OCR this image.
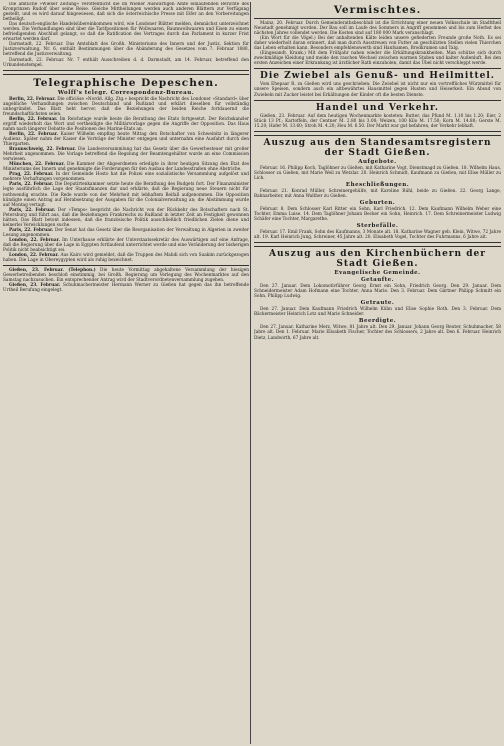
Die amtliche »Wiener Zeitung« veröffentlicht die im Wiener Auswärtigen Amte einlaufenden Berichte des Kronprinzen Rudolf über seine Reise. Gleiche Mittheilungen werden auch anderen Blättern zur Verfügung gestellt, und es wird darauf hingewiesen, daß sich die österreichische Presse mit Eifer an den Vorbereitungen betheiligt.

Das deutsch-englische Handelsübereinkommen wird, wie Londoner Blätter melden, demnächst unterzeichnet werden. Die Verhandlungen sind über die Tarifpositionen für Wollwaaren, Baumwollwaaren und Eisen zu einem befriedigenden Abschluß gelangt, so daß die Ratification des Vertrages durch das Parlament in kurzer Frist erwartet werden darf.

Darmstadt, 22. Februar. Das Amtsblatt des Großh. Ministeriums des Innern und der Justiz, Sektion für Justizverwaltung, Nr. 6, enthält Bestimmungen über die Abänderung des Gesetzes vom 7. Februar 1880, betreffend die Justizverwaltung.

Darmstadt, 22. Februar. Nr. 7 enthält Ausschreiben d. d. Darmstadt, am 14. Februar, betreffend den Urkundenstempel.

Telegraphische Depeschen.
Wolff's telegr. Correspondenz-Bureau.

Berlin, 22. Februar. Die officiöse »Nordd. Allg. Ztg.« bespricht die Nachricht des Londoner »Standard« über angebliche Verhandlungen zwischen Deutschland und Rußland und erklärt dieselben für vollständig unbegründet. Das Blatt hebt hervor, daß die Beziehungen der beiden Reiche fortdauernd die freundschaftlichsten seien.

Berlin, 22. Februar. Im Reichstage wurde heute die Berathung des Etats fortgesetzt. Der Reichskanzler ergriff wiederholt das Wort und vertheidigte die Militärvorlage gegen die Angriffe der Opposition. Das Haus nahm nach längerer Debatte die Positionen des Marine-Etats an.

Berlin, 22. Februar. Kaiser Wilhelm empfing heute Mittag den Botschafter von Schweinitz in längerer Audienz. Später nahm der Kaiser die Vorträge der Minister entgegen und unternahm eine Ausfahrt durch den Thiergarten.

Braunschweig, 22. Februar. Die Landesversammlung hat das Gesetz über die Gewerbesteuer mit großer Mehrheit angenommen. Die Vorlage betreffend die Regelung der Beamtengehälter wurde an eine Commission verwiesen.

München, 22. Februar. Die Kammer der Abgeordneten erledigte in ihrer heutigen Sitzung den Etat des Ministeriums des Innern und genehmigte die Forderungen für den Ausbau der Landesstraßen ohne Abstriche.

Prag, 22. Februar. In der Gemeinde Hosto hat die Polizei eine sozialistische Versammlung aufgelöst und mehrere Verhaftungen vorgenommen.

Paris, 22. Februar. Die Deputirtenkammer setzte heute die Berathung des Budgets fort. Der Finanzminister legte ausführlich die Lage der Staatsfinanzen dar und erklärte, daß die Regierung neue Steuern nicht für nothwendig erachte. Die Rede wurde von der Mehrheit mit lebhaftem Beifall aufgenommen. Die Opposition kündigte einen Antrag auf Herabsetzung der Ausgaben für die Colonialverwaltung an; die Abstimmung wurde auf Montag vertagt.

Paris, 22. Februar. Der »Temps« bespricht die Nachricht von der Rückkehr des Botschafters nach St. Petersburg und führt aus, daß die Beziehungen Frankreichs zu Rußland in letzter Zeit an Festigkeit gewonnen hätten. Das Blatt betont indessen, daß die französische Politik ausschließlich friedlichen Zielen diene und keinerlei Verwicklungen suche.

Paris, 22. Februar. Der Senat hat das Gesetz über die Reorganisation der Verwaltung in Algerien in zweiter Lesung angenommen.

London, 22. Februar. Im Unterhause erklärte der Unterstaatssekretär des Auswärtigen auf eine Anfrage, daß die Regierung über die Lage in Egypten fortlaufend unterrichtet werde und eine Veränderung der bisherigen Politik nicht beabsichtigt sei.

London, 22. Februar. Aus Kairo wird gemeldet, daß die Truppen des Mahdi sich von Suakim zurückgezogen haben. Die Lage in Obereygypten wird als ruhig bezeichnet.

Gießen, 23. Februar. (Telephon.) Die heute Vormittag abgehaltene Versammlung der hiesigen Gewerbetreibenden beschloß einstimmig, bei Großh. Regierung um Verlegung des Wochenmarktes auf den Samstag nachzusuchen. Ein entsprechender Antrag wird der Stadtverordnetenversammlung zugehen.

Gießen, 23. Februar. Schuhmachermeister Hermann Werner zu Gießen hat gegen das ihn betreffende Urtheil Berufung eingelegt.

Vermischtes.

Mainz, 20. Februar. Durch Gemeinderathsbeschluß ist die Errichtung einer neuen Volksschule im Stadttheil Neustadt genehmigt worden. Der Bau soll im Laufe des Sommers in Angriff genommen und bis zum Herbst des nächsten Jahres vollendet werden. Die Kosten sind auf 180 000 Mark veranschlagt.

(Ein Wort für die Vögel.) Bei der anhaltenden Kälte leiden unsere gefiederten Freunde große Noth. Es sei daher wiederholt daran erinnert, daß man durch Ausstreuen von Futter an geschützten Stellen vielen Thierchen das Leben erhalten kann. Besonders empfehlenswerth sind Hanfsamen, Brodkrumen und Talg.

(Eingesandt. Krank.) Mit dem Frühjahr nahen wieder die Erkältungskrankheiten. Man schütze sich durch zweckmäßige Kleidung und meide den raschen Wechsel zwischen warmen Stuben und kalter Außenluft. Bei den ersten Anzeichen einer Erkrankung ist ärztlicher Rath einzuholen, damit das Übel nicht verschleppt werde.

Die Zwiebel als Genuß- und Heilmittel.

Vom Ehepaar R. zu Gießen wird uns geschrieben: Die Zwiebel ist nicht nur ein vortreffliches Würzmittel für unsere Speisen, sondern auch ein altbewährtes Hausmittel gegen Husten und Heiserkeit. Ein Absud von Zwiebeln mit Zucker leistet bei Erkältungen der Kinder oft die besten Dienste.

Handel und Verkehr.

Gießen, 23. Februar. Auf dem heutigen Wochenmarkte kosteten: Butter, das Pfund M. 1.10 bis 1.20; Eier, 2 Stück 13 Pf.; Kartoffeln, der Centner M. 2.80 bis 3.00; Weizen, 100 Kilo M. 17.50; Korn M. 14.80; Gerste M. 15.20; Hafer M. 13.60; Stroh M. 4.20; Heu M. 6.50. Der Markt war gut befahren, der Verkehr lebhaft.

Auszug aus den Standesamtsregistern der Stadt Gießen.
Aufgebote.

Februar. 16. Philipp Koch, Taglöhner zu Gießen, mit Katharine Vogt, Dienstmagd zu Gießen. 18. Wilhelm Haus, Schlosser zu Gießen, mit Marie Weil zu Wetzlar. 20. Heinrich Schmidt, Kaufmann zu Gießen, mit Elise Müller zu Lich.

Eheschließungen.

Februar. 21. Konrad Müller, Schreinergehülfe, mit Karoline Rühl, beide zu Gießen. 22. Georg Lange, Bahnarbeiter, mit Anna Walther zu Gießen.

Geburten.

Februar. 8. Dem Schlosser Karl Ritter ein Sohn, Karl Friedrich. 12. Dem Kaufmann Wilhelm Weber eine Tochter, Emma Luise. 14. Dem Taglöhner Johann Becker ein Sohn, Heinrich. 17. Dem Schreinermeister Ludwig Schäfer eine Tochter, Margarethe.

Sterbefälle.

Februar. 17. Emil Frank, Sohn des Kaufmanns, 3 Monate alt. 18. Katharine Wagner geb. Klein, Witwe, 72 Jahre alt. 19. Karl Heinrich Jung, Schreiner, 45 Jahre alt. 20. Elisabeth Vogel, Tochter des Fuhrmanns, 6 Jahre alt.

Auszug aus den Kirchenbüchern der Stadt Gießen.
Evangelische Gemeinde.
Getaufte.

Den 27. Januar. Dem Lokomotivführer Georg Ernst ein Sohn, Friedrich Georg. Den 29. Januar. Dem Schneidermeister Adam Hofmann eine Tochter, Anna Marie. Den 3. Februar. Dem Gärtner Philipp Schmitt ein Sohn, Philipp Ludwig.

Getraute.

Den 27. Januar. Dem Kaufmann Friedrich Wilhelm Kühn und Elise Sophie Roth. Den 3. Februar. Dem Bäckermeister Heinrich Lotz und Marie Schneider.

Beerdigte.

Den 27. Januar. Katharine Merz, Witwe, 81 Jahre alt. Den 29. Januar. Johann Georg Reuter, Schuhmacher, 58 Jahre alt. Den 1. Februar. Marie Elisabeth Fischer, Tochter des Schlossers, 2 Jahre alt. Den 6. Februar. Heinrich Dietz, Landwirth, 67 Jahre alt.
